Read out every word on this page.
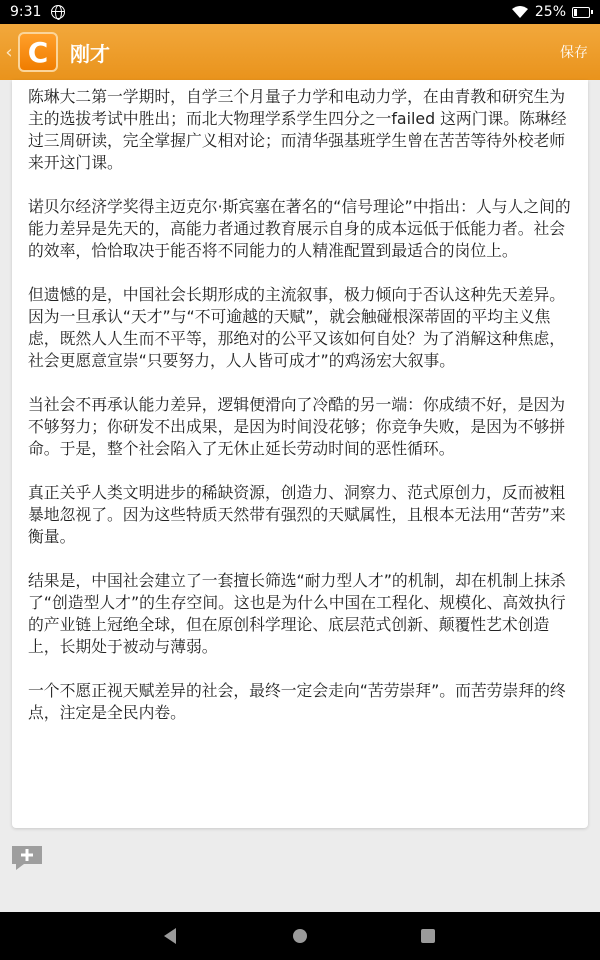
9:31	25%
‹ C 刚才	保存

陈琳大二第一学期时，自学三个月量子力学和电动力学，在由青教和研究生为主的选拔考试中胜出；而北大物理学系学生四分之一failed 这两门课。陈琳经过三周研读，完全掌握广义相对论；而清华强基班学生曾在苦苦等待外校老师来开这门课。

诺贝尔经济学奖得主迈克尔·斯宾塞在著名的“信号理论”中指出：人与人之间的能力差异是先天的，高能力者通过教育展示自身的成本远低于低能力者。社会的效率，恰恰取决于能否将不同能力的人精准配置到最适合的岗位上。

但遗憾的是，中国社会长期形成的主流叙事，极力倾向于否认这种先天差异。因为一旦承认“天才”与“不可逾越的天赋”，就会触碰根深蒂固的平均主义焦虑，既然人人生而不平等，那绝对的公平又该如何自处？为了消解这种焦虑，社会更愿意宣崇“只要努力，人人皆可成才”的鸡汤宏大叙事。

当社会不再承认能力差异，逻辑便滑向了冷酷的另一端：你成绩不好，是因为不够努力；你研发不出成果，是因为时间没花够；你竞争失败，是因为不够拼命。于是，整个社会陷入了无休止延长劳动时间的恶性循环。

真正关乎人类文明进步的稀缺资源，创造力、洞察力、范式原创力，反而被粗暴地忽视了。因为这些特质天然带有强烈的天赋属性，且根本无法用“苦劳”来衡量。

结果是，中国社会建立了一套擅长筛选“耐力型人才”的机制，却在机制上抹杀了“创造型人才”的生存空间。这也是为什么中国在工程化、规模化、高效执行的产业链上冠绝全球，但在原创科学理论、底层范式创新、颠覆性艺术创造上，长期处于被动与薄弱。

一个不愿正视天赋差异的社会，最终一定会走向“苦劳崇拜”。而苦劳崇拜的终点，注定是全民内卷。
